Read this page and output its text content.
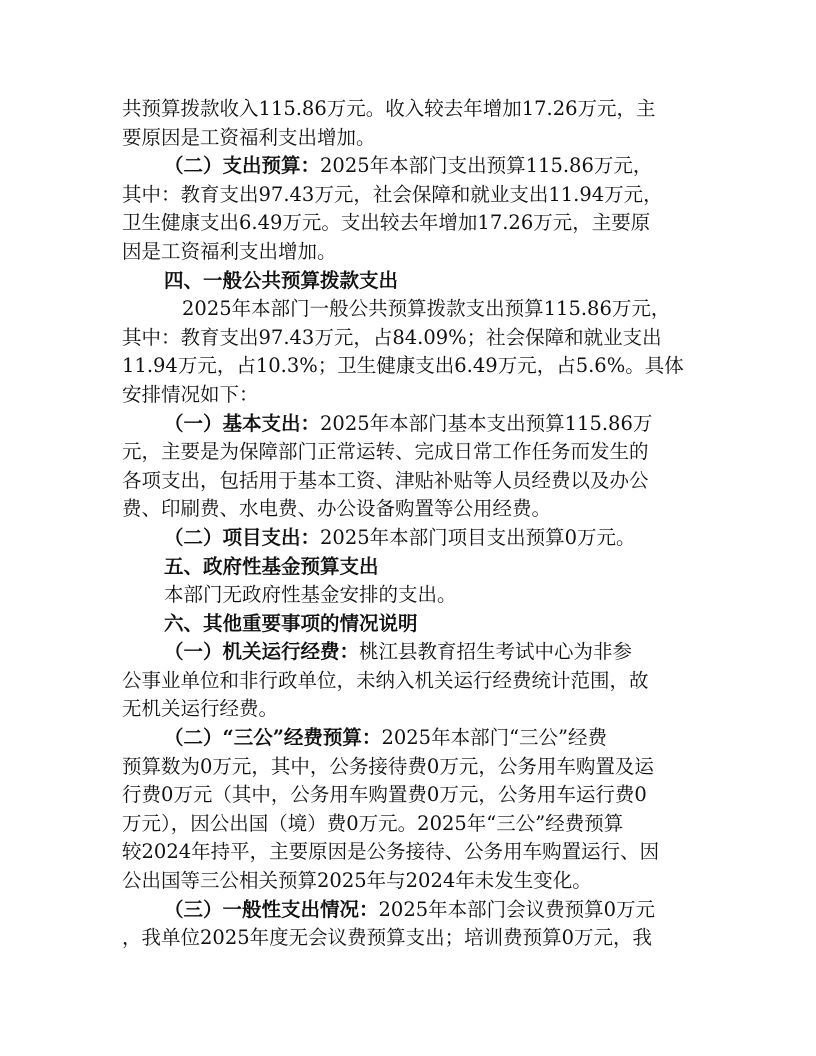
共预算拨款收入115.86万元。收入较去年增加17.26万元，主
要原因是工资福利支出增加。
（二）支出预算：2025年本部门支出预算115.86万元，
其中：教育支出97.43万元，社会保障和就业支出11.94万元，
卫生健康支出6.49万元。支出较去年增加17.26万元，主要原
因是工资福利支出增加。
四、一般公共预算拨款支出
2025年本部门一般公共预算拨款支出预算115.86万元，
其中：教育支出97.43万元，占84.09%；社会保障和就业支出
11.94万元，占10.3%；卫生健康支出6.49万元，占5.6%。具体
安排情况如下：
（一）基本支出：2025年本部门基本支出预算115.86万
元，主要是为保障部门正常运转、完成日常工作任务而发生的
各项支出，包括用于基本工资、津贴补贴等人员经费以及办公
费、印刷费、水电费、办公设备购置等公用经费。
（二）项目支出：2025年本部门项目支出预算0万元。
五、政府性基金预算支出
本部门无政府性基金安排的支出。
六、其他重要事项的情况说明
（一）机关运行经费：桃江县教育招生考试中心为非参
公事业单位和非行政单位，未纳入机关运行经费统计范围，故
无机关运行经费。
（二）“三公”经费预算：2025年本部门“三公”经费
预算数为0万元，其中，公务接待费0万元，公务用车购置及运
行费0万元（其中，公务用车购置费0万元，公务用车运行费0
万元），因公出国（境）费0万元。2025年“三公”经费预算
较2024年持平，主要原因是公务接待、公务用车购置运行、因
公出国等三公相关预算2025年与2024年未发生变化。
（三）一般性支出情况：2025年本部门会议费预算0万元
，我单位2025年度无会议费预算支出；培训费预算0万元，我
